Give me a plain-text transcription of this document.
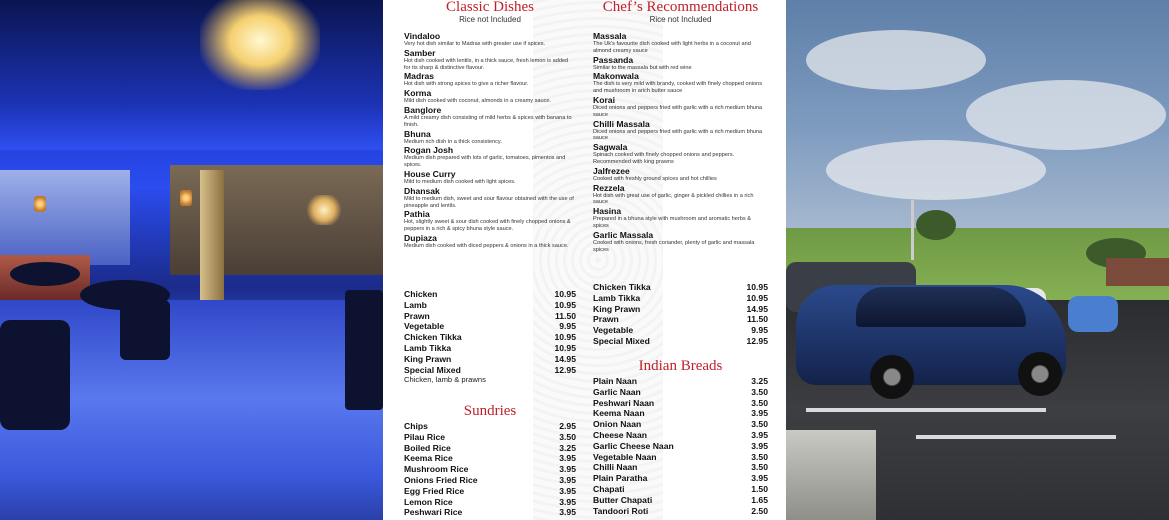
Classic Dishes
Rice not Included
Vindaloo
Very hot dish similar to Madras with greater use if spices.
Samber
Hot dish cooked with lentils, in a thick sauce, fresh lemon is added for its sharp & distinctive flavour.
Madras
Hot dish with strong spices to give a richer flavour.
Korma
Mild dish cooked with coconut, almonds in a creamy sauce.
Banglore
A mild creamy dish consisting of mild herbs & spices with banana to finish.
Bhuna
Medium rich dish in a thick consistency.
Rogan Josh
Medium dish prepared with lots of garlic, tomatoes, pimentos and spices.
House Curry
Mild to medium dish cooked with light spices.
Dhansak
Mild to medium dish, sweet and sour flavour obtained with the use of pineapple and lentils.
Pathia
Hot, slightly sweet & sour dish cooked with finely chopped onions & peppers in a rich & spicy bhuna style sauce.
Dupiaza
Medium dish cooked with diced peppers & onions in a thick sauce.
Chicken	10.95
Lamb	10.95
Prawn	11.50
Vegetable	9.95
Chicken Tikka	10.95
Lamb Tikka	10.95
King Prawn	14.95
Special Mixed	12.95
Chicken, lamb & prawns
Sundries
Chips	2.95
Pilau Rice	3.50
Boiled Rice	3.25
Keema Rice	3.95
Mushroom Rice	3.95
Onions Fried Rice	3.95
Egg Fried Rice	3.95
Lemon Rice	3.95
Peshwari Rice	3.95
Chef’s Recommendations
Rice not Included
Massala
The Uk’s favourite dish cooked with light herbs in a coconut and almond creamy sauce
Passanda
Similar to the massala but with red wine
Makonwala
The dish is very mild with brandy, cooked with finely chopped onions and mushroom in arich butter sauce
Korai
Diced onions and peppers fried with garlic with a rich medium bhuna sauce
Chilli Massala
Diced onions and peppers fried with garlic with a rich medium bhuna sauce
Sagwala
Spinach cooked with finely chopped onions and peppers. Recommended with king prawns
Jalfrezee
Cooked with freshly ground spices and hot chillies
Rezzela
Hot dish with great use of garlic, ginger & pickled chillies in a rich sauce
Hasina
Prepared in a bhuna style with mushroom and aromatic herbs & spices
Garlic Massala
Cooked with onions, fresh coriander, plenty of garlic and massala spices
Chicken Tikka	10.95
Lamb Tikka	10.95
King Prawn	14.95
Prawn	11.50
Vegetable	9.95
Special Mixed	12.95
Indian Breads
Plain Naan	3.25
Garlic Naan	3.50
Peshwari Naan	3.50
Keema Naan	3.95
Onion Naan	3.50
Cheese Naan	3.95
Garlic Cheese Naan	3.95
Vegetable Naan	3.50
Chilli Naan	3.50
Plain Paratha	3.95
Chapati	1.50
Butter Chapati	1.65
Tandoori Roti	2.50
